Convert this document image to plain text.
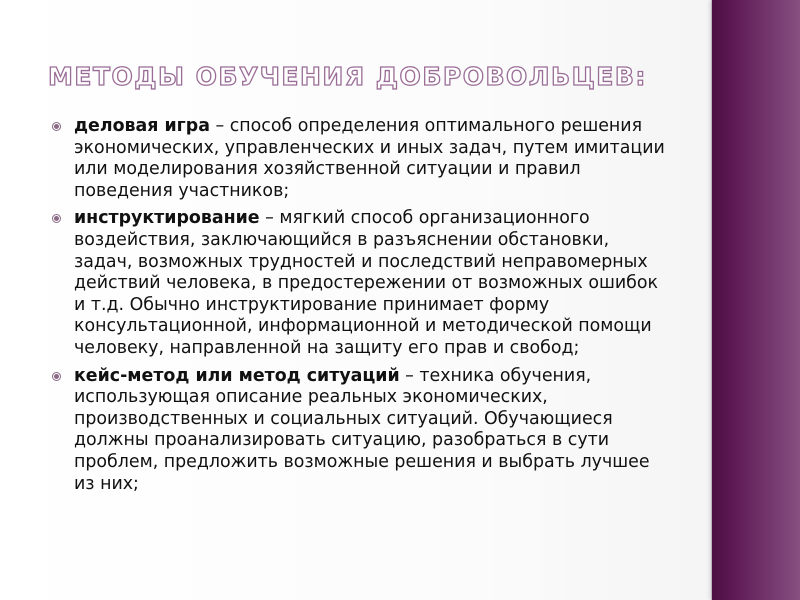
МЕТОДЫ ОБУЧЕНИЯ ДОБРОВОЛЬЦЕВ:
деловая игра – способ определения оптимального решения экономических, управленческих и иных задач, путем имитации или моделирования хозяйственной ситуации и правил поведения участников;
инструктирование – мягкий способ организационного воздействия, заключающийся в разъяснении обстановки, задач, возможных трудностей и последствий неправомерных действий человека, в предостережении от возможных ошибок и т.д. Обычно инструктирование принимает форму консультационной, информационной и методической помощи человеку, направленной на защиту его прав и свобод;
кейс-метод или метод ситуаций – техника обучения, использующая описание реальных экономических, производственных и социальных ситуаций. Обучающиеся должны проанализировать ситуацию, разобраться в сути проблем, предложить возможные решения и выбрать лучшее из них;
